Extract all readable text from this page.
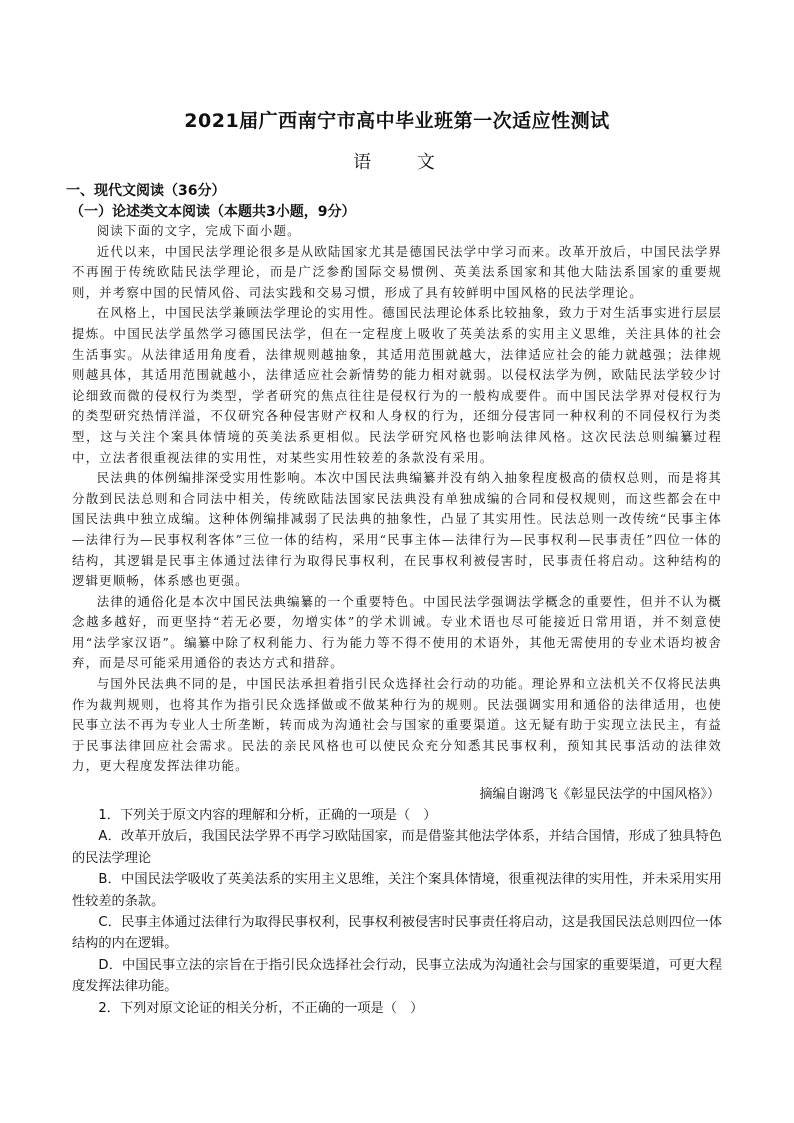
2021届广西南宁市高中毕业班第一次适应性测试
语 文
一、现代文阅读（36分）
（一）论述类文本阅读（本题共3小题，9分）

阅读下面的文字，完成下面小题。

近代以来，中国民法学理论很多是从欧陆国家尤其是德国民法学中学习而来。改革开放后，中国民法学界不再囿于传统欧陆民法学理论，而是广泛参酌国际交易惯例、英美法系国家和其他大陆法系国家的重要规则，并考察中国的民情风俗、司法实践和交易习惯，形成了具有较鲜明中国风格的民法学理论。

在风格上，中国民法学兼顾法学理论的实用性。德国民法理论体系比较抽象，致力于对生活事实进行层层提炼。中国民法学虽然学习德国民法学，但在一定程度上吸收了英美法系的实用主义思维，关注具体的社会生活事实。从法律适用角度看，法律规则越抽象，其适用范围就越大，法律适应社会的能力就越强；法律规则越具体，其适用范围就越小，法律适应社会新情势的能力相对就弱。以侵权法学为例，欧陆民法学较少讨论细致而微的侵权行为类型，学者研究的焦点往往是侵权行为的一般构成要件。而中国民法学界对侵权行为的类型研究热情洋溢，不仅研究各种侵害财产权和人身权的行为，还细分侵害同一种权利的不同侵权行为类型，这与关注个案具体情境的英美法系更相似。民法学研究风格也影响法律风格。这次民法总则编纂过程中，立法者很重视法律的实用性，对某些实用性较差的条款没有采用。

民法典的体例编排深受实用性影响。本次中国民法典编纂并没有纳入抽象程度极高的债权总则，而是将其分散到民法总则和合同法中相关，传统欧陆法国家民法典没有单独成编的合同和侵权规则，而这些都会在中国民法典中独立成编。这种体例编排减弱了民法典的抽象性，凸显了其实用性。民法总则一改传统“民事主体—法律行为—民事权利客体”三位一体的结构，采用“民事主体—法律行为—民事权利—民事责任”四位一体的结构，其逻辑是民事主体通过法律行为取得民事权利，在民事权利被侵害时，民事责任将启动。这种结构的逻辑更顺畅，体系感也更强。

法律的通俗化是本次中国民法典编纂的一个重要特色。中国民法学强调法学概念的重要性，但并不认为概念越多越好，而更坚持“若无必要，勿增实体”的学术训诫。专业术语也尽可能接近日常用语，并不刻意使用“法学家汉语”。编纂中除了权利能力、行为能力等不得不使用的术语外，其他无需使用的专业术语均被舍弃，而是尽可能采用通俗的表达方式和措辞。

与国外民法典不同的是，中国民法承担着指引民众选择社会行动的功能。理论界和立法机关不仅将民法典作为裁判规则，也将其作为指引民众选择做或不做某种行为的规则。民法强调实用和通俗的法律适用，也使民事立法不再为专业人士所垄断，转而成为沟通社会与国家的重要渠道。这无疑有助于实现立法民主，有益于民事法律回应社会需求。民法的亲民风格也可以使民众充分知悉其民事权利，预知其民事活动的法律效力，更大程度发挥法律功能。

摘编自谢鸿飞《彰显民法学的中国风格》）

1．下列关于原文内容的理解和分析，正确的一项是（　）

A．改革开放后，我国民法学界不再学习欧陆国家，而是借鉴其他法学体系，并结合国情，形成了独具特色的民法学理论

B．中国民法学吸收了英美法系的实用主义思维，关注个案具体情境，很重视法律的实用性，并未采用实用性较差的条款。

C．民事主体通过法律行为取得民事权利，民事权利被侵害时民事责任将启动，这是我国民法总则四位一体结构的内在逻辑。

D．中国民事立法的宗旨在于指引民众选择社会行动，民事立法成为沟通社会与国家的重要渠道，可更大程度发挥法律功能。

2．下列对原文论证的相关分析，不正确的一项是（　）
